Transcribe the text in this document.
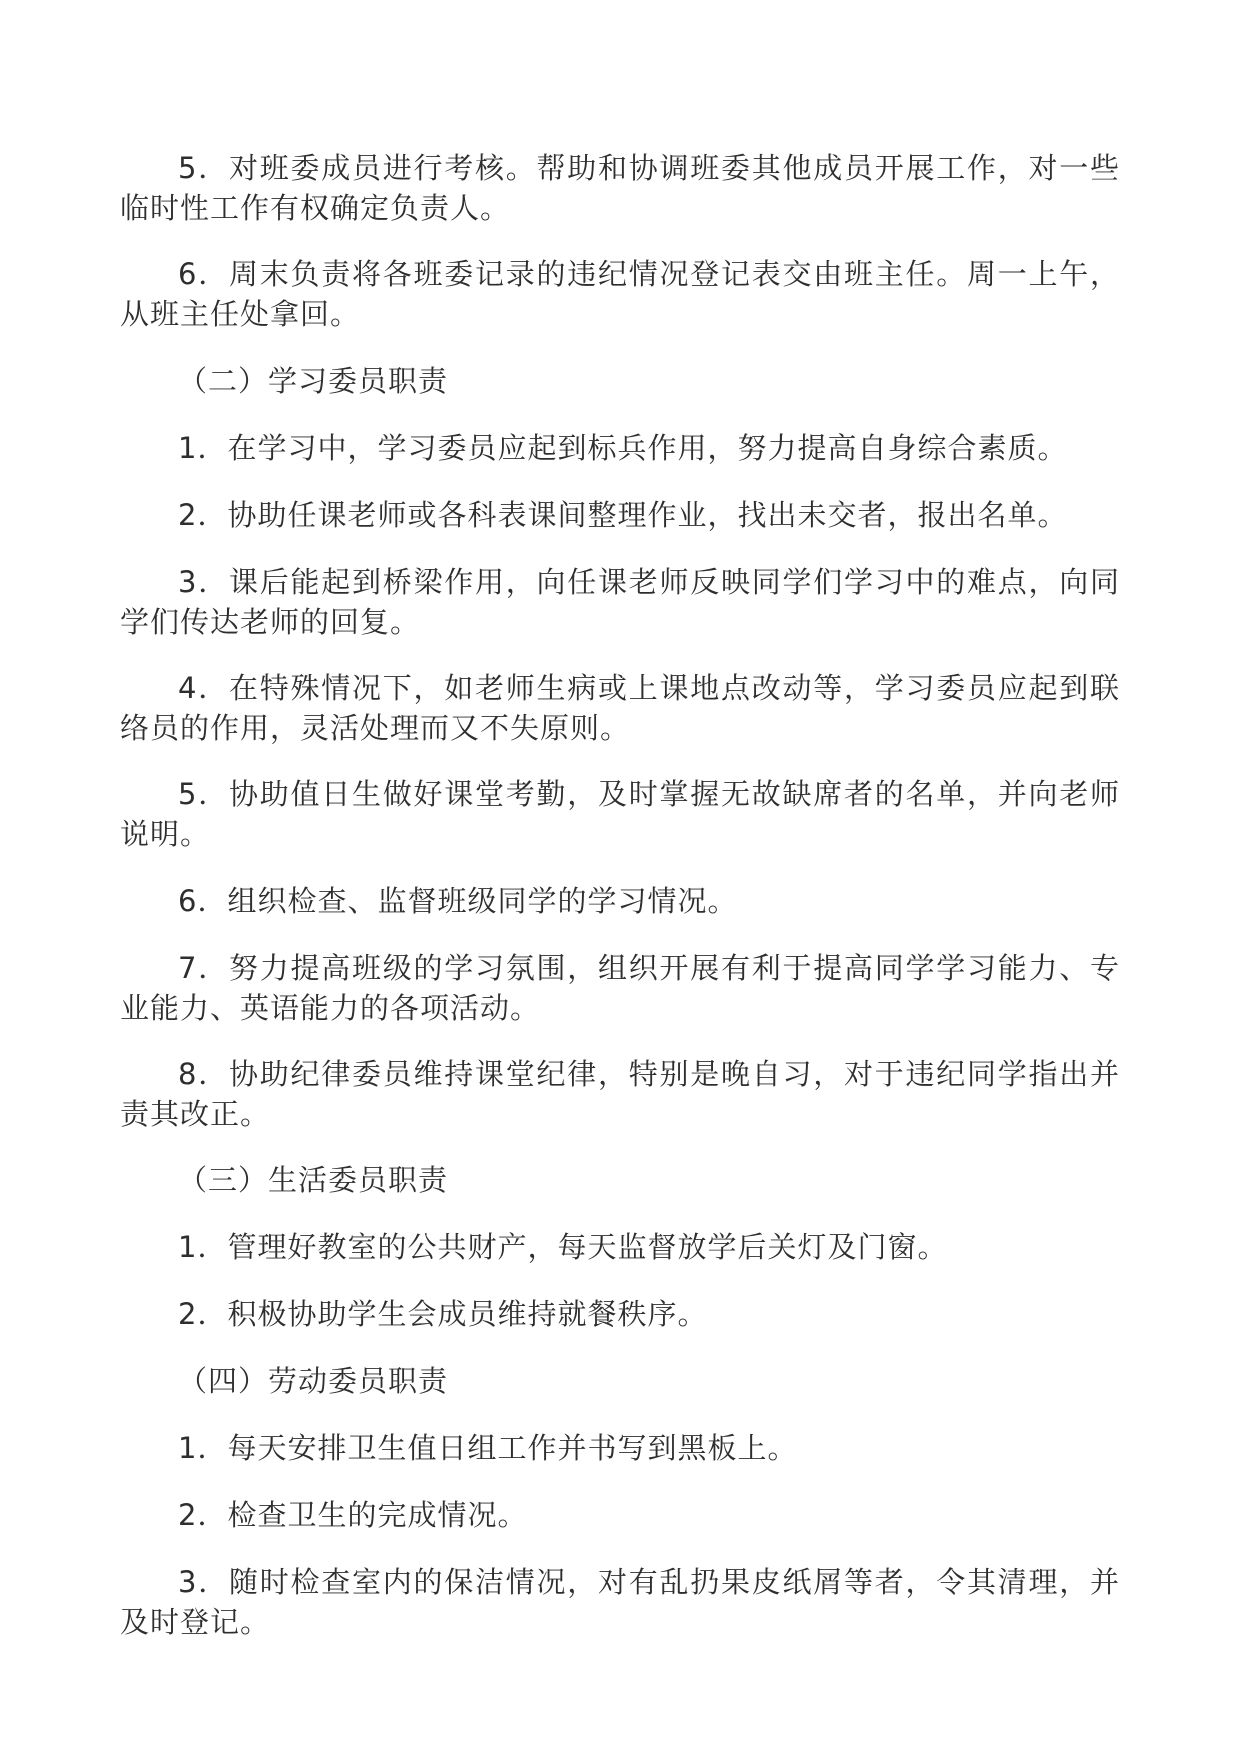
5．对班委成员进行考核。帮助和协调班委其他成员开展工作，对一些临时性工作有权确定负责人。

6．周末负责将各班委记录的违纪情况登记表交由班主任。周一上午，从班主任处拿回。

（二）学习委员职责

1．在学习中，学习委员应起到标兵作用，努力提高自身综合素质。

2．协助任课老师或各科表课间整理作业，找出未交者，报出名单。

3．课后能起到桥梁作用，向任课老师反映同学们学习中的难点，向同学们传达老师的回复。

4．在特殊情况下，如老师生病或上课地点改动等，学习委员应起到联络员的作用，灵活处理而又不失原则。

5．协助值日生做好课堂考勤，及时掌握无故缺席者的名单，并向老师说明。

6．组织检查、监督班级同学的学习情况。

7．努力提高班级的学习氛围，组织开展有利于提高同学学习能力、专业能力、英语能力的各项活动。

8．协助纪律委员维持课堂纪律，特别是晚自习，对于违纪同学指出并责其改正。

（三）生活委员职责

1．管理好教室的公共财产，每天监督放学后关灯及门窗。

2．积极协助学生会成员维持就餐秩序。

（四）劳动委员职责

1．每天安排卫生值日组工作并书写到黑板上。

2．检查卫生的完成情况。

3．随时检查室内的保洁情况，对有乱扔果皮纸屑等者，令其清理，并及时登记。
